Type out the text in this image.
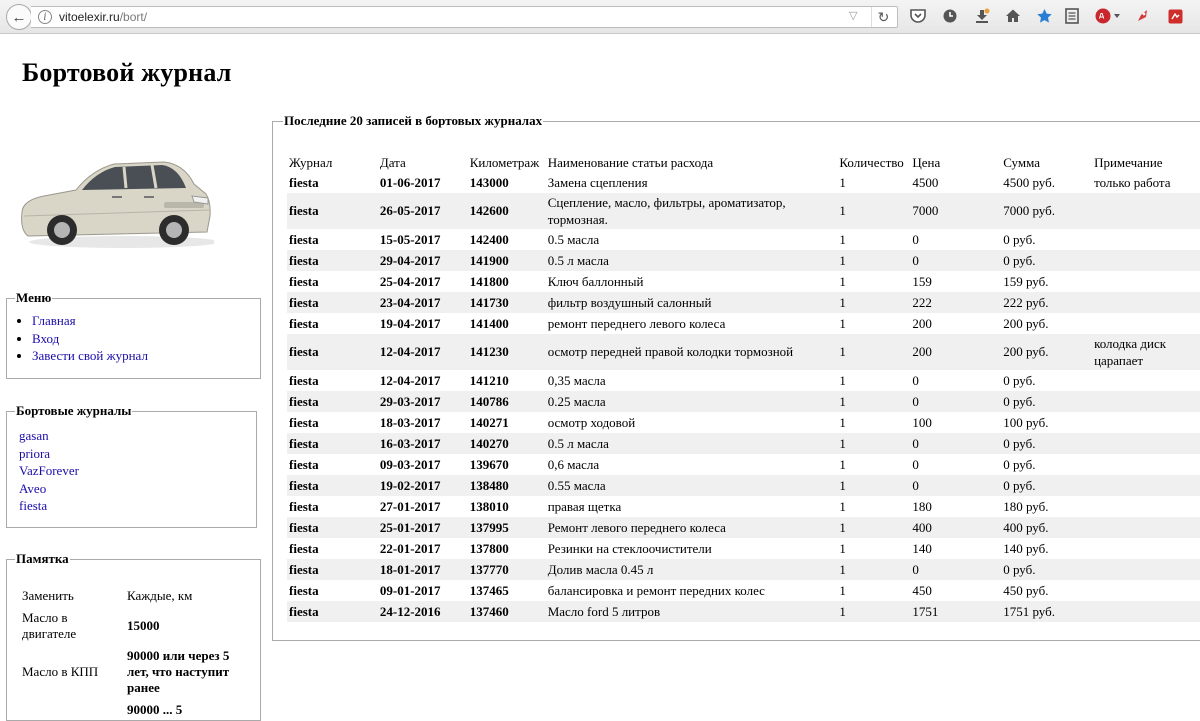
←	i	vitoelexir.ru/bort/	▽	↻
Бортовой журнал
Меню
• Главная
• Вход
• Завести свой журнал
Бортовые журналы
gasan
priora
VazForever
Aveo
fiesta
Памятка
Заменить	Каждые, км
Масло в двигателе	15000
Масло в КПП	90000 или через 5 лет, что наступит ранее
	90000 ... 5
Последние 20 записей в бортовых журналах
Журнал	Дата	Километраж	Наименование статьи расхода	Количество	Цена	Сумма	Примечание
fiesta	01-06-2017	143000	Замена сцепления	1	4500	4500 руб.	только работа
fiesta	26-05-2017	142600	Сцепление, масло, фильтры, ароматизатор, тормозная.	1	7000	7000 руб.	
fiesta	15-05-2017	142400	0.5 масла	1	0	0 руб.	
fiesta	29-04-2017	141900	0.5 л масла	1	0	0 руб.	
fiesta	25-04-2017	141800	Ключ баллонный	1	159	159 руб.	
fiesta	23-04-2017	141730	фильтр воздушный салонный	1	222	222 руб.	
fiesta	19-04-2017	141400	ремонт переднего левого колеса	1	200	200 руб.	
fiesta	12-04-2017	141230	осмотр передней правой колодки тормозной	1	200	200 руб.	колодка диск царапает
fiesta	12-04-2017	141210	0,35 масла	1	0	0 руб.	
fiesta	29-03-2017	140786	0.25 масла	1	0	0 руб.	
fiesta	18-03-2017	140271	осмотр ходовой	1	100	100 руб.	
fiesta	16-03-2017	140270	0.5 л масла	1	0	0 руб.	
fiesta	09-03-2017	139670	0,6 масла	1	0	0 руб.	
fiesta	19-02-2017	138480	0.55 масла	1	0	0 руб.	
fiesta	27-01-2017	138010	правая щетка	1	180	180 руб.	
fiesta	25-01-2017	137995	Ремонт левого переднего колеса	1	400	400 руб.	
fiesta	22-01-2017	137800	Резинки на стеклоочистители	1	140	140 руб.	
fiesta	18-01-2017	137770	Долив масла 0.45 л	1	0	0 руб.	
fiesta	09-01-2017	137465	балансировка и ремонт передних колес	1	450	450 руб.	
fiesta	24-12-2016	137460	Масло ford 5 литров	1	1751	1751 руб.	
